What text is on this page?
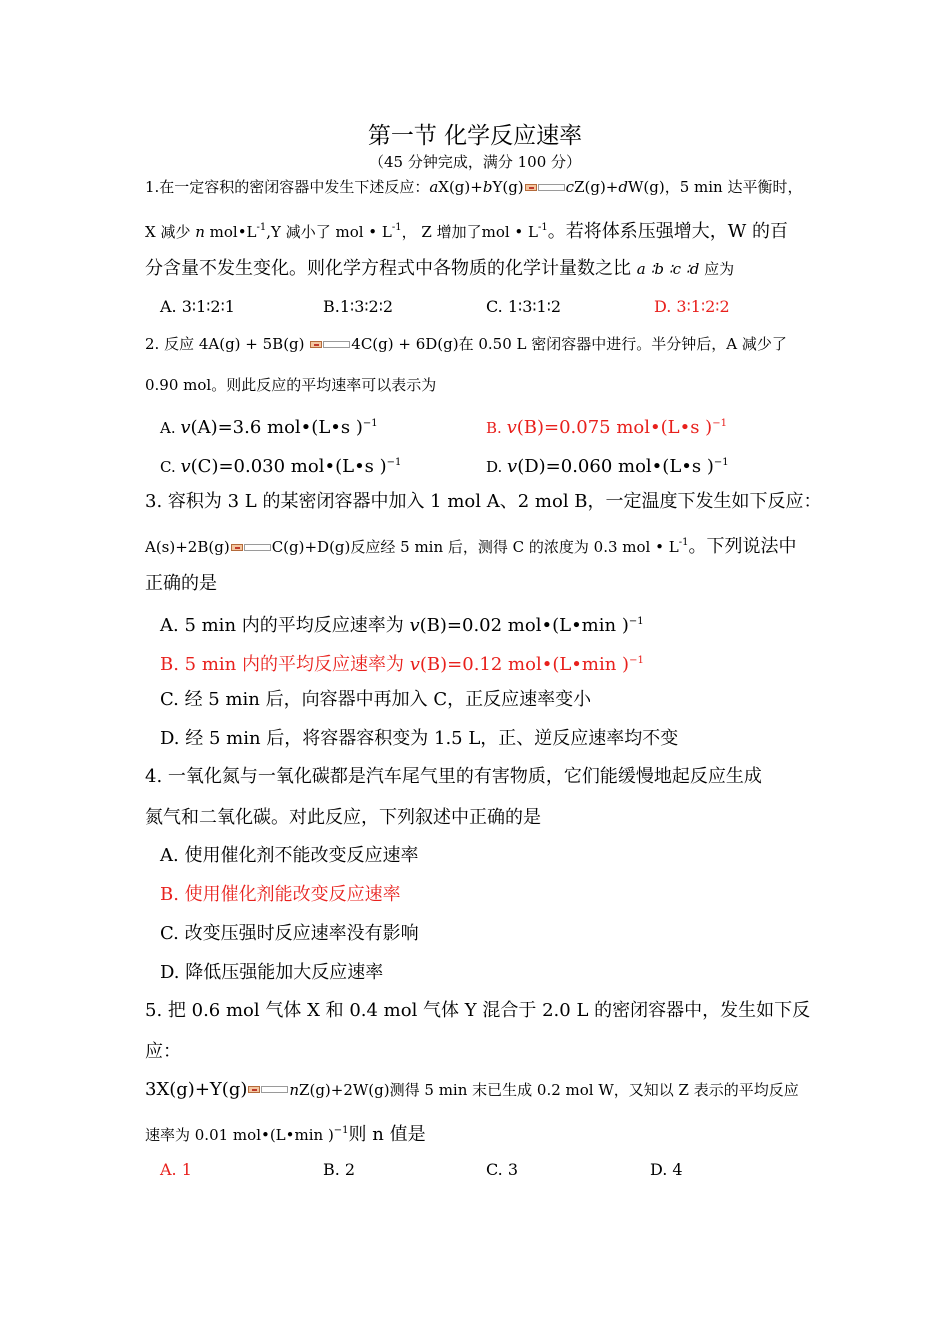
第一节 化学反应速率
（45 分钟完成，满分 100 分）
1.在一定容积的密闭容器中发生下述反应：aX(g)+bY(g)	cZ(g)+dW(g)，5 min 达平衡时，
X 减少 n $mol•L^{-1},Y$ 减小了 mol • $L^{-1}$， Z 增加了mol • $L^{-1}$。若将体系压强增大，W 的百
分含量不发生变化。则化学方程式中各物质的化学计量数之比 a ∶b ∶c ∶d 应为
A. 3∶1∶2∶1	B.1∶3∶2∶2	C. 1∶3∶1∶2	D. 3∶1∶2∶2
2. 反应 4A(g) + 5B(g)	4C(g) + 6D(g)在 0.50 L 密闭容器中进行。半分钟后，A 减少了
0.90 mol。则此反应的平均速率可以表示为
A. v(A)=3.6 mol•(L•s )$^{-1}$	B. v(B)=0.075 mol•(L•s )$^{-1}$
C. v(C)=0.030 mol•(L•s )$^{-1}$	D. v(D)=0.060 mol•(L•s )$^{-1}$
3. 容积为 3 L 的某密闭容器中加入 1 mol A、2 mol B，一定温度下发生如下反应：
A(s)+2B(g)	C(g)+D(g)反应经 5 min 后，测得 C 的浓度为 0.3 mol • $L^{-1}$。下列说法中
正确的是
A. 5 min 内的平均反应速率为 v(B)=0.02 mol•(L•min )$^{-1}$
B. 5 min 内的平均反应速率为 v(B)=0.12 mol•(L•min )$^{-1}$
C. 经 5 min 后，向容器中再加入 C，正反应速率变小
D. 经 5 min 后，将容器容积变为 1.5 L，正、逆反应速率均不变
4. 一氧化氮与一氧化碳都是汽车尾气里的有害物质，它们能缓慢地起反应生成
氮气和二氧化碳。对此反应，下列叙述中正确的是
A. 使用催化剂不能改变反应速率
B. 使用催化剂能改变反应速率
C. 改变压强时反应速率没有影响
D. 降低压强能加大反应速率
5. 把 0.6 mol 气体 X 和 0.4 mol 气体 Y 混合于 2.0 L 的密闭容器中，发生如下反
应：
3X(g)+Y(g)	nZ(g)+2W(g)测得 5 min 末已生成 0.2 mol W，又知以 Z 表示的平均反应
速率为 0.01 mol•(L•min )$^{-1}$则 n 值是
A. 1	B. 2	C. 3	D. 4
